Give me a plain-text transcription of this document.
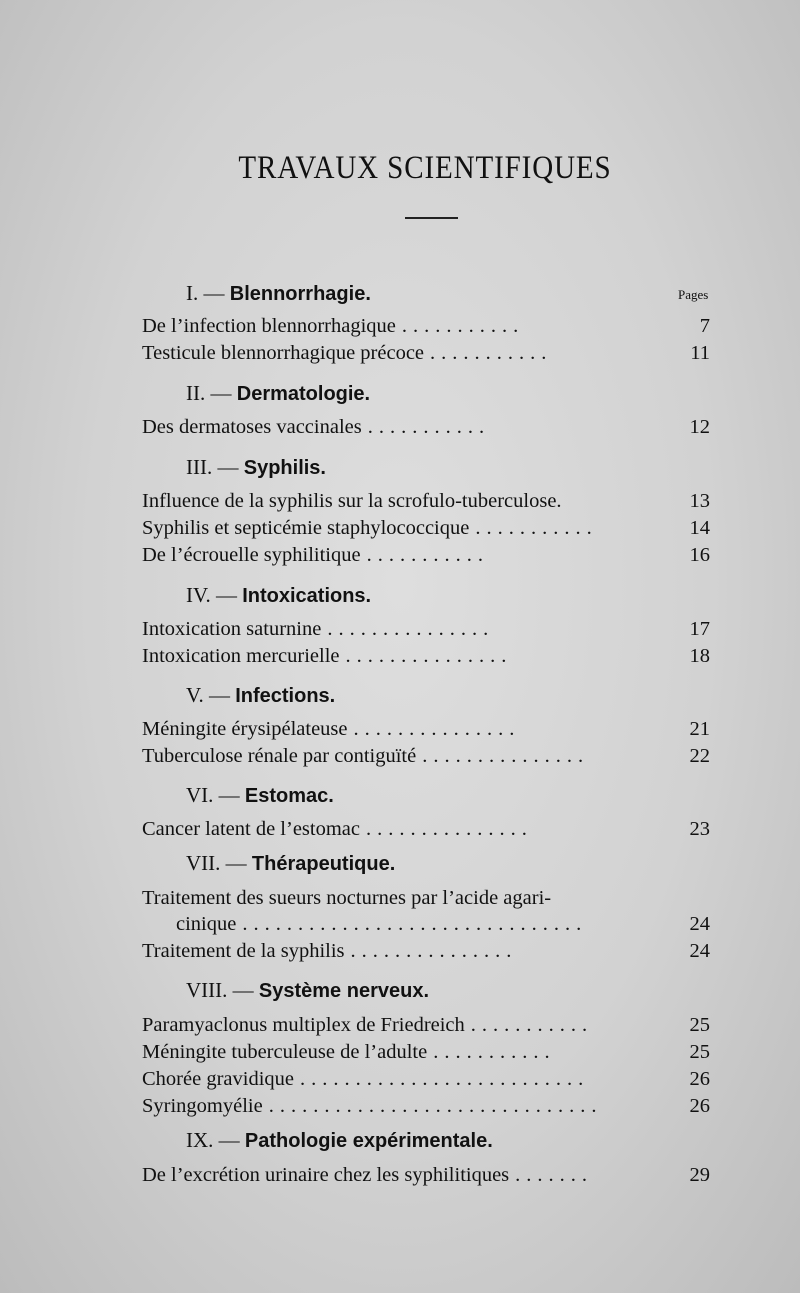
TRAVAUX SCIENTIFIQUES
Pages
I. — Blennorrhagie.
De l’infection blennorrhagique ...........	7
Testicule blennorrhagique précoce ...........	11
II. — Dermatologie.
Des dermatoses vaccinales ...........	12
III. — Syphilis.
Influence de la syphilis sur la scrofulo-tuberculose.	13
Syphilis et septicémie staphylococcique ...........	14
De l’écrouelle syphilitique ...........	16
IV. — Intoxications.
Intoxication saturnine ...............	17
Intoxication mercurielle ...............	18
V. — Infections.
Méningite érysipélateuse ...............	21
Tuberculose rénale par contiguïté ...............	22
VI. — Estomac.
Cancer latent de l’estomac ...............	23
VII. — Thérapeutique.
Traitement des sueurs nocturnes par l’acide agari-
cinique ...............................	24
Traitement de la syphilis ...............	24
VIII. — Système nerveux.
Paramyaclonus multiplex de Friedreich ...........	25
Méningite tuberculeuse de l’adulte ...........	25
Chorée gravidique ..........................	26
Syringomyélie ..............................	26
IX. — Pathologie expérimentale.
De l’excrétion urinaire chez les syphilitiques .......	29
